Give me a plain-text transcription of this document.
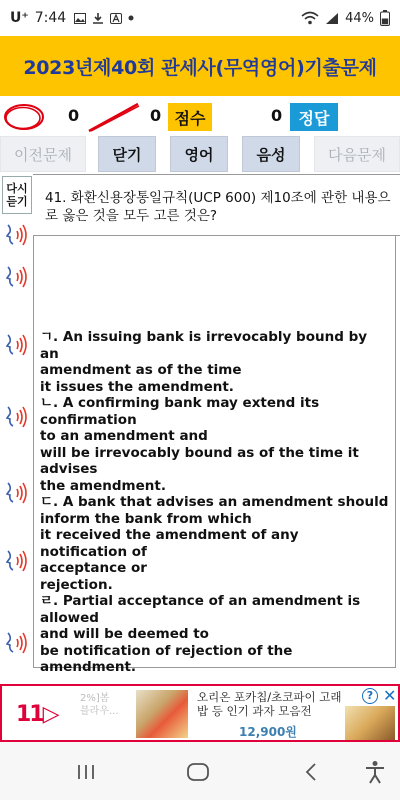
U⁺ 7:44	44%
2023년제40회 관세사(무역영어)기출문제
0	0 점수	0	정답
이전문제	닫기	영어	음성	다음문제
다시
듣기	41. 화환신용장통일규칙(UCP 600) 제10조에 관한 내용으로 옳은 것을 모두 고른 것은?
ㄱ. An issuing bank is irrevocably bound by an
amendment as of the time
it issues the amendment.
ㄴ. A confirming bank may extend its confirmation
to an amendment and
will be irrevocably bound as of the time it advises
the amendment.
ㄷ. A bank that advises an amendment should
inform the bank from which
it received the amendment of any notification of
acceptance or
rejection.
ㄹ. Partial acceptance of an amendment is allowed
and will be deemed to
be notification of rejection of the amendment.
11▷
2%]봄
블라우...
오리온 포카칩/초코파이 고래밥 등 인기 과자 모음전
12,900원
? ✕
